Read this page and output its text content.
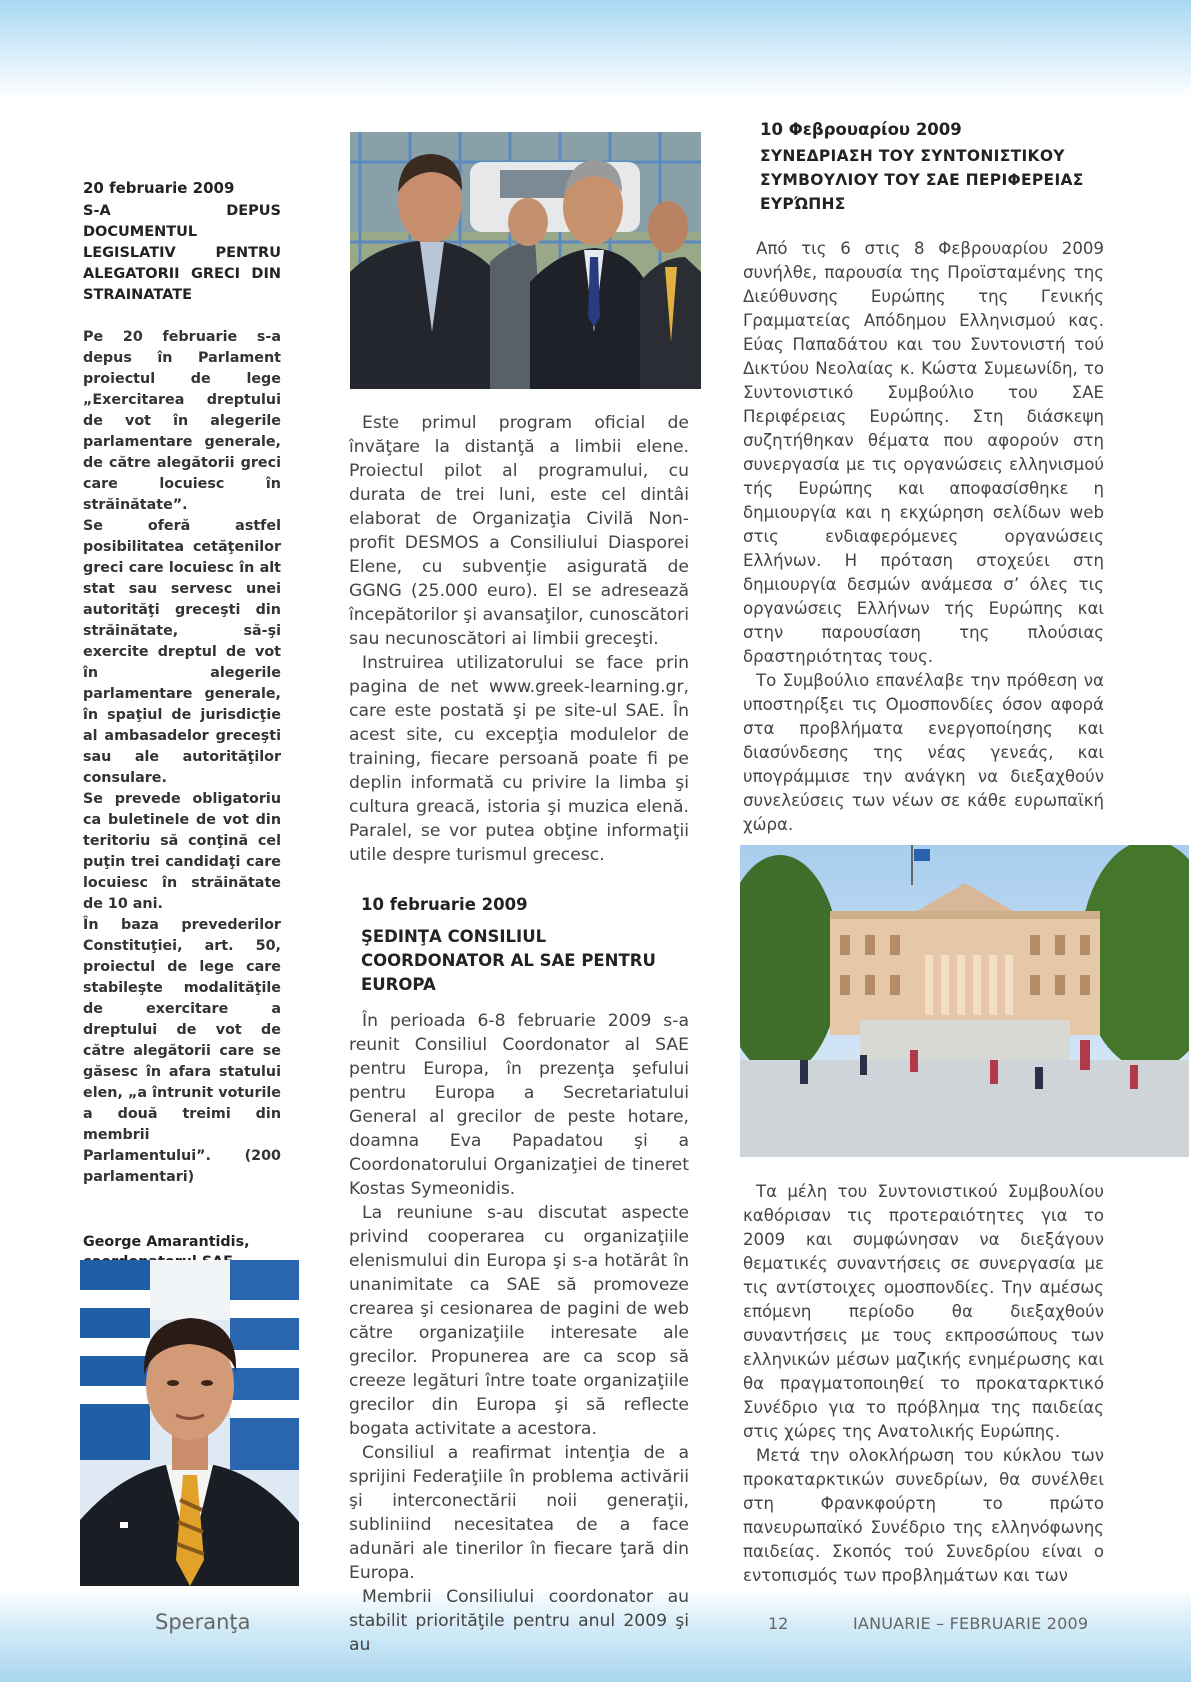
20 februarie 2009
S-A DEPUS DOCUMENTUL LEGISLATIV PENTRU ALEGATORII GRECI DIN STRAINATATE

Pe 20 februarie s-a depus în Parlament proiectul de lege „Exercitarea dreptului de vot în alegerile parlamentare generale, de către alegătorii greci care locuiesc în străinătate”.

Se oferă astfel posibilitatea cetăţenilor greci care locuiesc în alt stat sau servesc unei autorităţi greceşti din străinătate, să-şi exercite dreptul de vot în alegerile parlamentare generale, în spaţiul de jurisdicţie al ambasadelor greceşti sau ale autorităţilor consulare.

Se prevede obligatoriu ca buletinele de vot din teritoriu să conţină cel puţin trei candidaţi care locuiesc în străinătate de 10 ani.

În baza prevederilor Constituţiei, art. 50, proiectul de lege care stabileşte modalităţile de exercitare a dreptului de vot de către alegătorii care se găsesc în afara statului elen, „a întrunit voturile a două treimi din membrii Parlamentului”. (200 parlamentari)

George Amarantidis,

Este primul program oficial de învăţare la distanţă a limbii elene. Proiectul pilot al programului, cu durata de trei luni, este cel dintâi elaborat de Organizaţia Civilă Non-profit DESMOS a Consiliului Diasporei Elene, cu subvenţie asigurată de GGNG (25.000 euro). El se adresează începătorilor şi avansaţilor, cunoscători sau necunoscători ai limbii greceşti.

Instruirea utilizatorului se face prin pagina de net www.greek-learning.gr, care este postată şi pe site-ul SAE. În acest site, cu excepţia modulelor de training, fiecare persoană poate fi pe deplin informată cu privire la limba şi cultura greacă, istoria şi muzica elenă. Paralel, se vor putea obţine informaţii utile despre turismul grecesc.

10 februarie 2009
ŞEDINŢA CONSILIUL COORDONATOR AL SAE PENTRU EUROPA

În perioada 6-8 februarie 2009 s-a reunit Consiliul Coordonator al SAE pentru Europa, în prezenţa şefului pentru Europa a Secretariatului General al grecilor de peste hotare, doamna Eva Papadatou şi a Coordonatorului Organizaţiei de tineret Kostas Symeonidis.

La reuniune s-au discutat aspecte privind cooperarea cu organizaţiile elenismului din Europa şi s-a hotărât în unanimitate ca SAE să promoveze crearea şi cesionarea de pagini de web către organizaţiile interesate ale grecilor. Propunerea are ca scop să creeze legături între toate organizaţiile grecilor din Europa şi să reflecte bogata activitate a acestora.

Consiliul a reafirmat intenţia de a sprijini Federaţiile în problema activării şi interconectării noii generaţii, subliniind necesitatea de a face adunări ale tinerilor în fiecare ţară din Europa.

Membrii Consiliului coordonator au stabilit priorităţile pentru anul 2009 şi au

10 Φεβρουαρίου 2009
ΣΥΝΕΔΡΙΑΣΗ ΤΟΥ ΣΥΝΤΟΝΙΣΤΙΚΟΥ ΣΥΜΒΟΥΛΙΟΥ ΤΟΥ ΣΑΕ ΠΕΡΙΦΕΡΕΙΑΣ ΕΥΡΏΠΗΣ

Από τις 6 στις 8 Φεβρουαρίου 2009 συνήλθε, παρουσία της Προϊσταμένης της Διεύθυνσης Ευρώπης της Γενικής Γραμματείας Απόδημου Ελληνισμού κας. Εύας Παπαδάτου και του Συντονιστή τού Δικτύου Νεολαίας κ. Κώστα Συμεωνίδη, το Συντονιστικό Συμβούλιο του ΣΑΕ Περιφέρειας Ευρώπης. Στη διάσκεψη συζητήθηκαν θέματα που αφορούν στη συνεργασία με τις οργανώσεις ελληνισμού τής Ευρώπης και αποφασίσθηκε η δημιουργία και η εκχώρηση σελίδων web στις ενδιαφερόμενες οργανώσεις Ελλήνων. Η πρόταση στοχεύει στη δημιουργία δεσμών ανάμεσα σ’ όλες τις οργανώσεις Ελλήνων τής Ευρώπης και στην παρουσίαση της πλούσιας δραστηριότητας τους.

Το Συμβούλιο επανέλαβε την πρόθεση να υποστηρίξει τις Ομοσπονδίες όσον αφορά στα προβλήματα ενεργοποίησης και διασύνδεσης της νέας γενεάς, και υπογράμμισε την ανάγκη να διεξαχθούν συνελεύσεις των νέων σε κάθε ευρωπαϊκή χώρα.

Τα μέλη του Συντονιστικού Συμβουλίου καθόρισαν τις προτεραιότητες για το 2009 και συμφώνησαν να διεξάγουν θεματικές συναντήσεις σε συνεργασία με τις αντίστοιχες ομοσπονδίες. Την αμέσως επόμενη περίοδο θα διεξαχθούν συναντήσεις με τους εκπροσώπους των ελληνικών μέσων μαζικής ενημέρωσης και θα πραγματοποιηθεί το προκαταρκτικό Συνέδριο για το πρόβλημα της παιδείας στις χώρες της Ανατολικής Ευρώπης.

Μετά την ολοκλήρωση του κύκλου των προκαταρκτικών συνεδρίων, θα συνέλθει στη Φρανκφούρτη το πρώτο πανευρωπαϊκό Συνέδριο της ελληνόφωνης παιδείας. Σκοπός τού Συνεδρίου είναι ο εντοπισμός των προβλημάτων και των

Speranţa	12	IANUARIE – FEBRUARIE 2009
